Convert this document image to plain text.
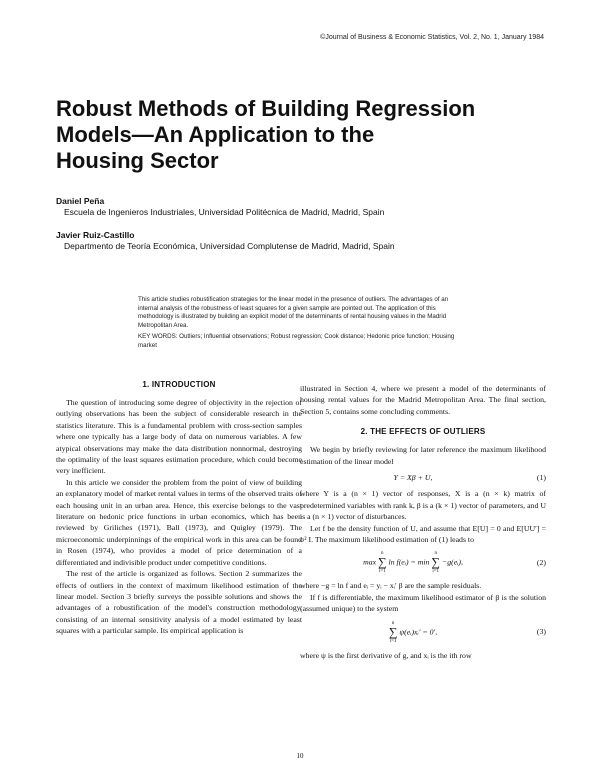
©Journal of Business & Economic Statistics, Vol. 2, No. 1, January 1984
Robust Methods of Building Regression
Models—An Application to the
Housing Sector
Daniel Peña
Escuela de Ingenieros Industriales, Universidad Politécnica de Madrid, Madrid, Spain
Javier Ruiz-Castillo
Departmento de Teoría Económica, Universidad Complutense de Madrid, Madrid, Spain

This article studies robustification strategies for the linear model in the presence of outliers. The advantages of an internal analysis of the robustness of least squares for a given sample are pointed out. The application of this methodology is illustrated by building an explicit model of the determinants of rental housing values in the Madrid Metropolitan Area.

KEY WORDS: Outliers; Influential observations; Robust regression; Cook distance; Hedonic price function; Housing market

1. INTRODUCTION

The question of introducing some degree of objectivity in the rejection of outlying observations has been the subject of considerable research in the statistics literature. This is a fundamental problem with cross-section samples where one typically has a large body of data on numerous variables. A few atypical observations may make the data distribution nonnormal, destroying the optimality of the least squares estimation procedure, which could become very inefficient.

In this article we consider the problem from the point of view of building an explanatory model of market rental values in terms of the observed traits of each housing unit in an urban area. Hence, this exercise belongs to the vast literature on hedonic price functions in urban economics, which has been reviewed by Griliches (1971), Ball (1973), and Quigley (1979). The microeconomic underpinnings of the empirical work in this area can be found in Rosen (1974), who provides a model of price determination of a differentiated and indivisible product under competitive conditions.

The rest of the article is organized as follows. Section 2 summarizes the effects of outliers in the context of maximum likelihood estimation of the linear model. Section 3 briefly surveys the possible solutions and shows the advantages of a robustification of the model's construction methodology, consisting of an internal sensitivity analysis of a model estimated by least squares with a particular sample. Its empirical application is

illustrated in Section 4, where we present a model of the determinants of housing rental values for the Madrid Metropolitan Area. The final section, Section 5, contains some concluding comments.

2. THE EFFECTS OF OUTLIERS

We begin by briefly reviewing for later reference the maximum likelihood estimation of the linear model

Y = Xβ + U,	(1)

where Y is a (n × 1) vector of responses, X is a (n × k) matrix of predetermined variables with rank k, β is a (k × 1) vector of parameters, and U is a (n × 1) vector of disturbances.

Let f be the density function of U, and assume that E[U] = 0 and E[UU′] = σ² I. The maximum likelihood estimation of (1) leads to

max
n
∑
i=1
ln f(eᵢ) = min
n
∑
i=1
−g(eᵢ),	(2)

where −g = ln f and eᵢ = yᵢ − xᵢ′ β are the sample residuals.

If f is differentiable, the maximum likelihood estimator of β is the solution (assumed unique) to the system

n
∑
i=1
ψ(eᵢ)xᵢ′ = 0′,	(3)

where ψ is the first derivative of g, and xᵢ is the ith row

10
